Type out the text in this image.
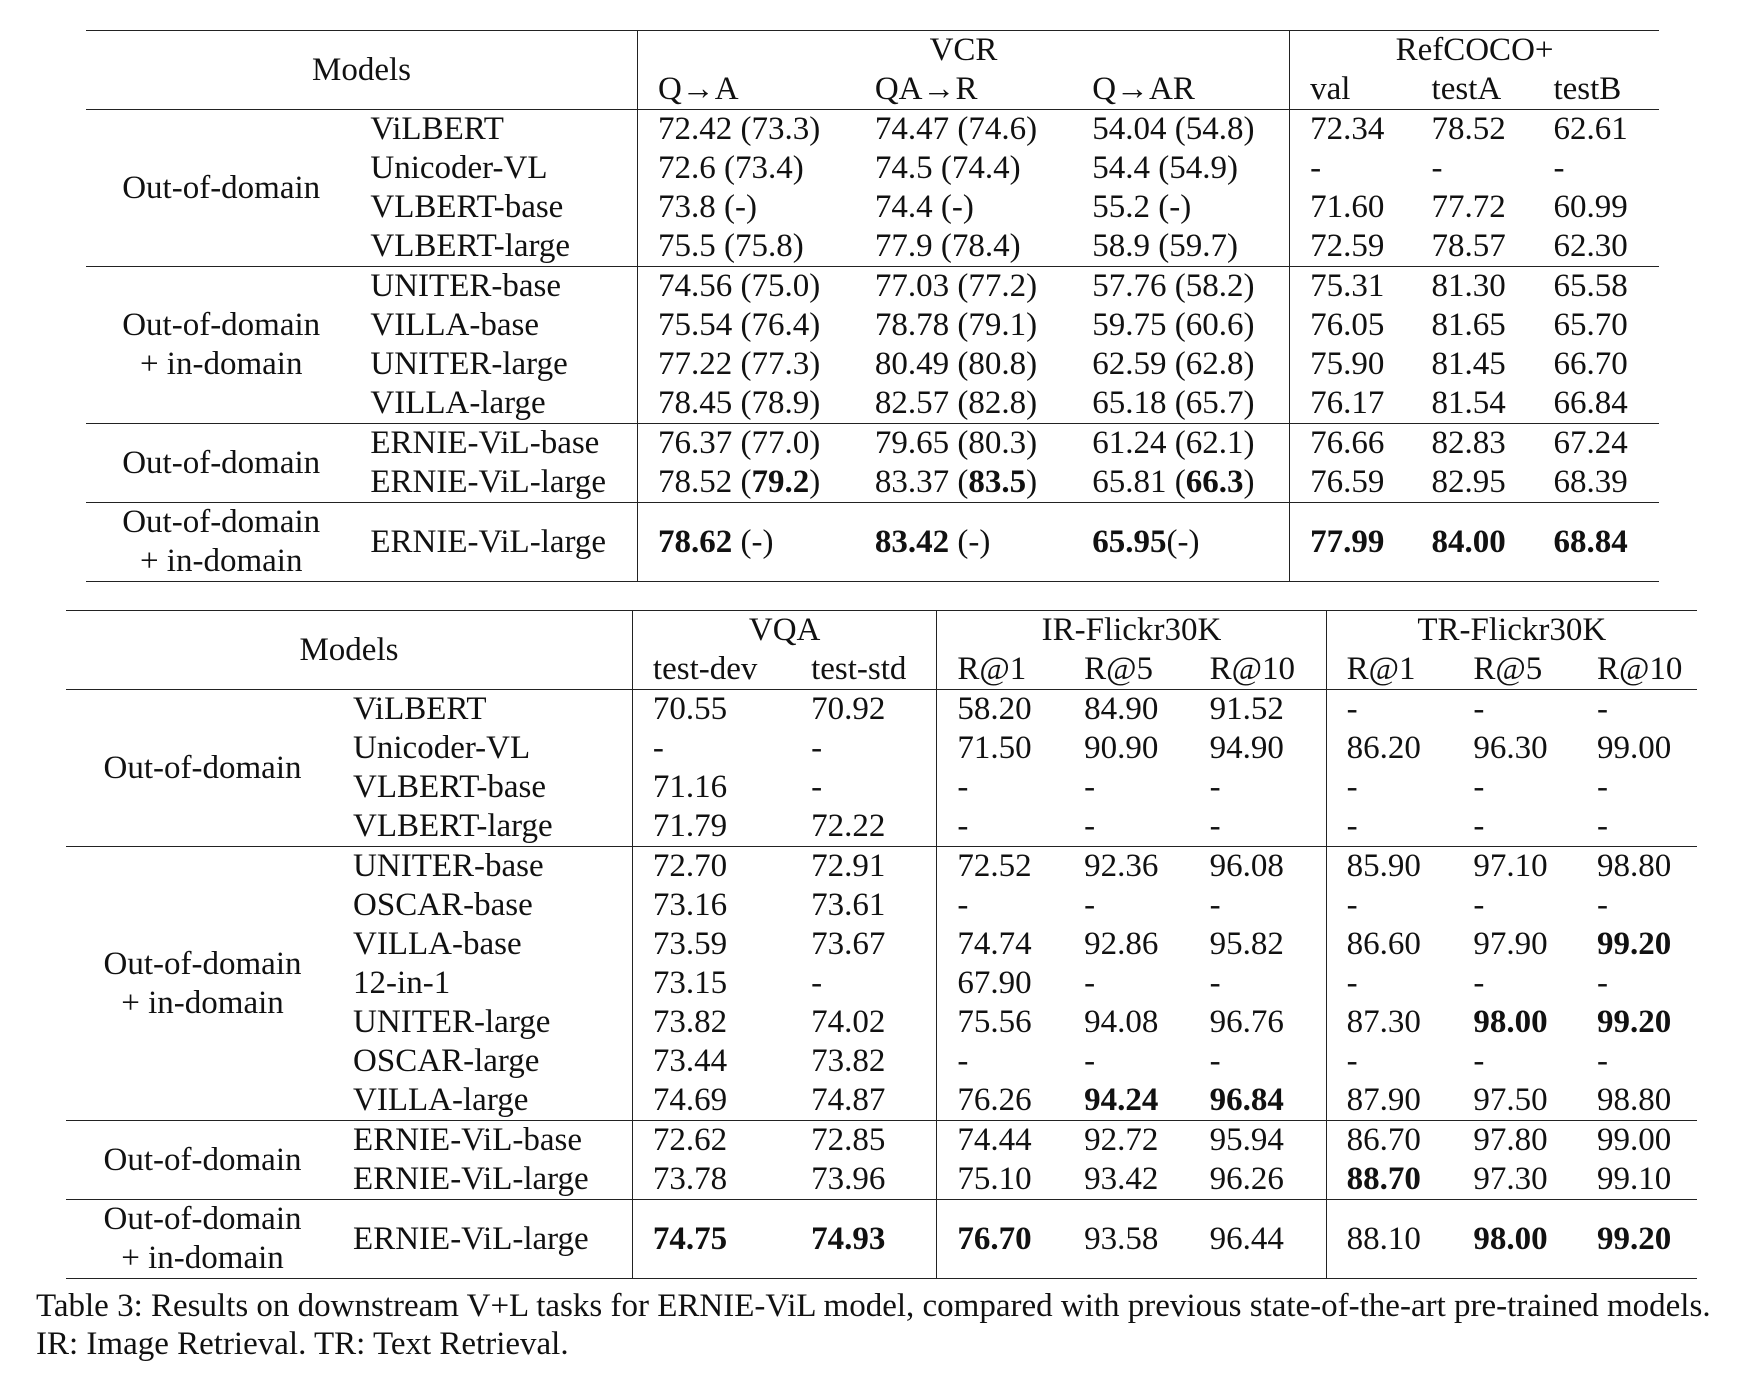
Models		VCR			RefCOCO+		
		Q→A	QA→R	Q→AR	val	testA	testB

Out-of-domain	ViLBERT	72.42 (73.3)	74.47 (74.6)	54.04 (54.8)	72.34	78.52	62.61
	Unicoder-VL	72.6 (73.4)	74.5 (74.4)	54.4 (54.9)	-	-	-
	VLBERT-base	73.8 (-)	74.4 (-)	55.2 (-)	71.60	77.72	60.99
	VLBERT-large	75.5 (75.8)	77.9 (78.4)	58.9 (59.7)	72.59	78.57	62.30

Out-of-domain
+ in-domain	UNITER-base	74.56 (75.0)	77.03 (77.2)	57.76 (58.2)	75.31	81.30	65.58
	VILLA-base	75.54 (76.4)	78.78 (79.1)	59.75 (60.6)	76.05	81.65	65.70
	UNITER-large	77.22 (77.3)	80.49 (80.8)	62.59 (62.8)	75.90	81.45	66.70
	VILLA-large	78.45 (78.9)	82.57 (82.8)	65.18 (65.7)	76.17	81.54	66.84

Out-of-domain	ERNIE-ViL-base	76.37 (77.0)	79.65 (80.3)	61.24 (62.1)	76.66	82.83	67.24
	ERNIE-ViL-large	78.52 (79.2)	83.37 (83.5)	65.81 (66.3)	76.59	82.95	68.39

Out-of-domain
+ in-domain	ERNIE-ViL-large	78.62 (-)	83.42 (-)	65.95(-)	77.99	84.00	68.84
Models		VQA		IR-Flickr30K			TR-Flickr30K		
		test-dev	test-std	R@1	R@5	R@10	R@1	R@5	R@10

Out-of-domain	ViLBERT	70.55	70.92	58.20	84.90	91.52	-	-	-
	Unicoder-VL	-	-	71.50	90.90	94.90	86.20	96.30	99.00
	VLBERT-base	71.16	-	-	-	-	-	-	-
	VLBERT-large	71.79	72.22	-	-	-	-	-	-

Out-of-domain
+ in-domain	UNITER-base	72.70	72.91	72.52	92.36	96.08	85.90	97.10	98.80
	OSCAR-base	73.16	73.61	-	-	-	-	-	-
	VILLA-base	73.59	73.67	74.74	92.86	95.82	86.60	97.90	99.20
	12-in-1	73.15	-	67.90	-	-	-	-	-
	UNITER-large	73.82	74.02	75.56	94.08	96.76	87.30	98.00	99.20
	OSCAR-large	73.44	73.82	-	-	-	-	-	-
	VILLA-large	74.69	74.87	76.26	94.24	96.84	87.90	97.50	98.80

Out-of-domain	ERNIE-ViL-base	72.62	72.85	74.44	92.72	95.94	86.70	97.80	99.00
	ERNIE-ViL-large	73.78	73.96	75.10	93.42	96.26	88.70	97.30	99.10

Out-of-domain
+ in-domain	ERNIE-ViL-large	74.75	74.93	76.70	93.58	96.44	88.10	98.00	99.20
Table 3: Results on downstream V+L tasks for ERNIE-ViL model, compared with previous state-of-the-art pre-trained models. IR: Image Retrieval. TR: Text Retrieval.
